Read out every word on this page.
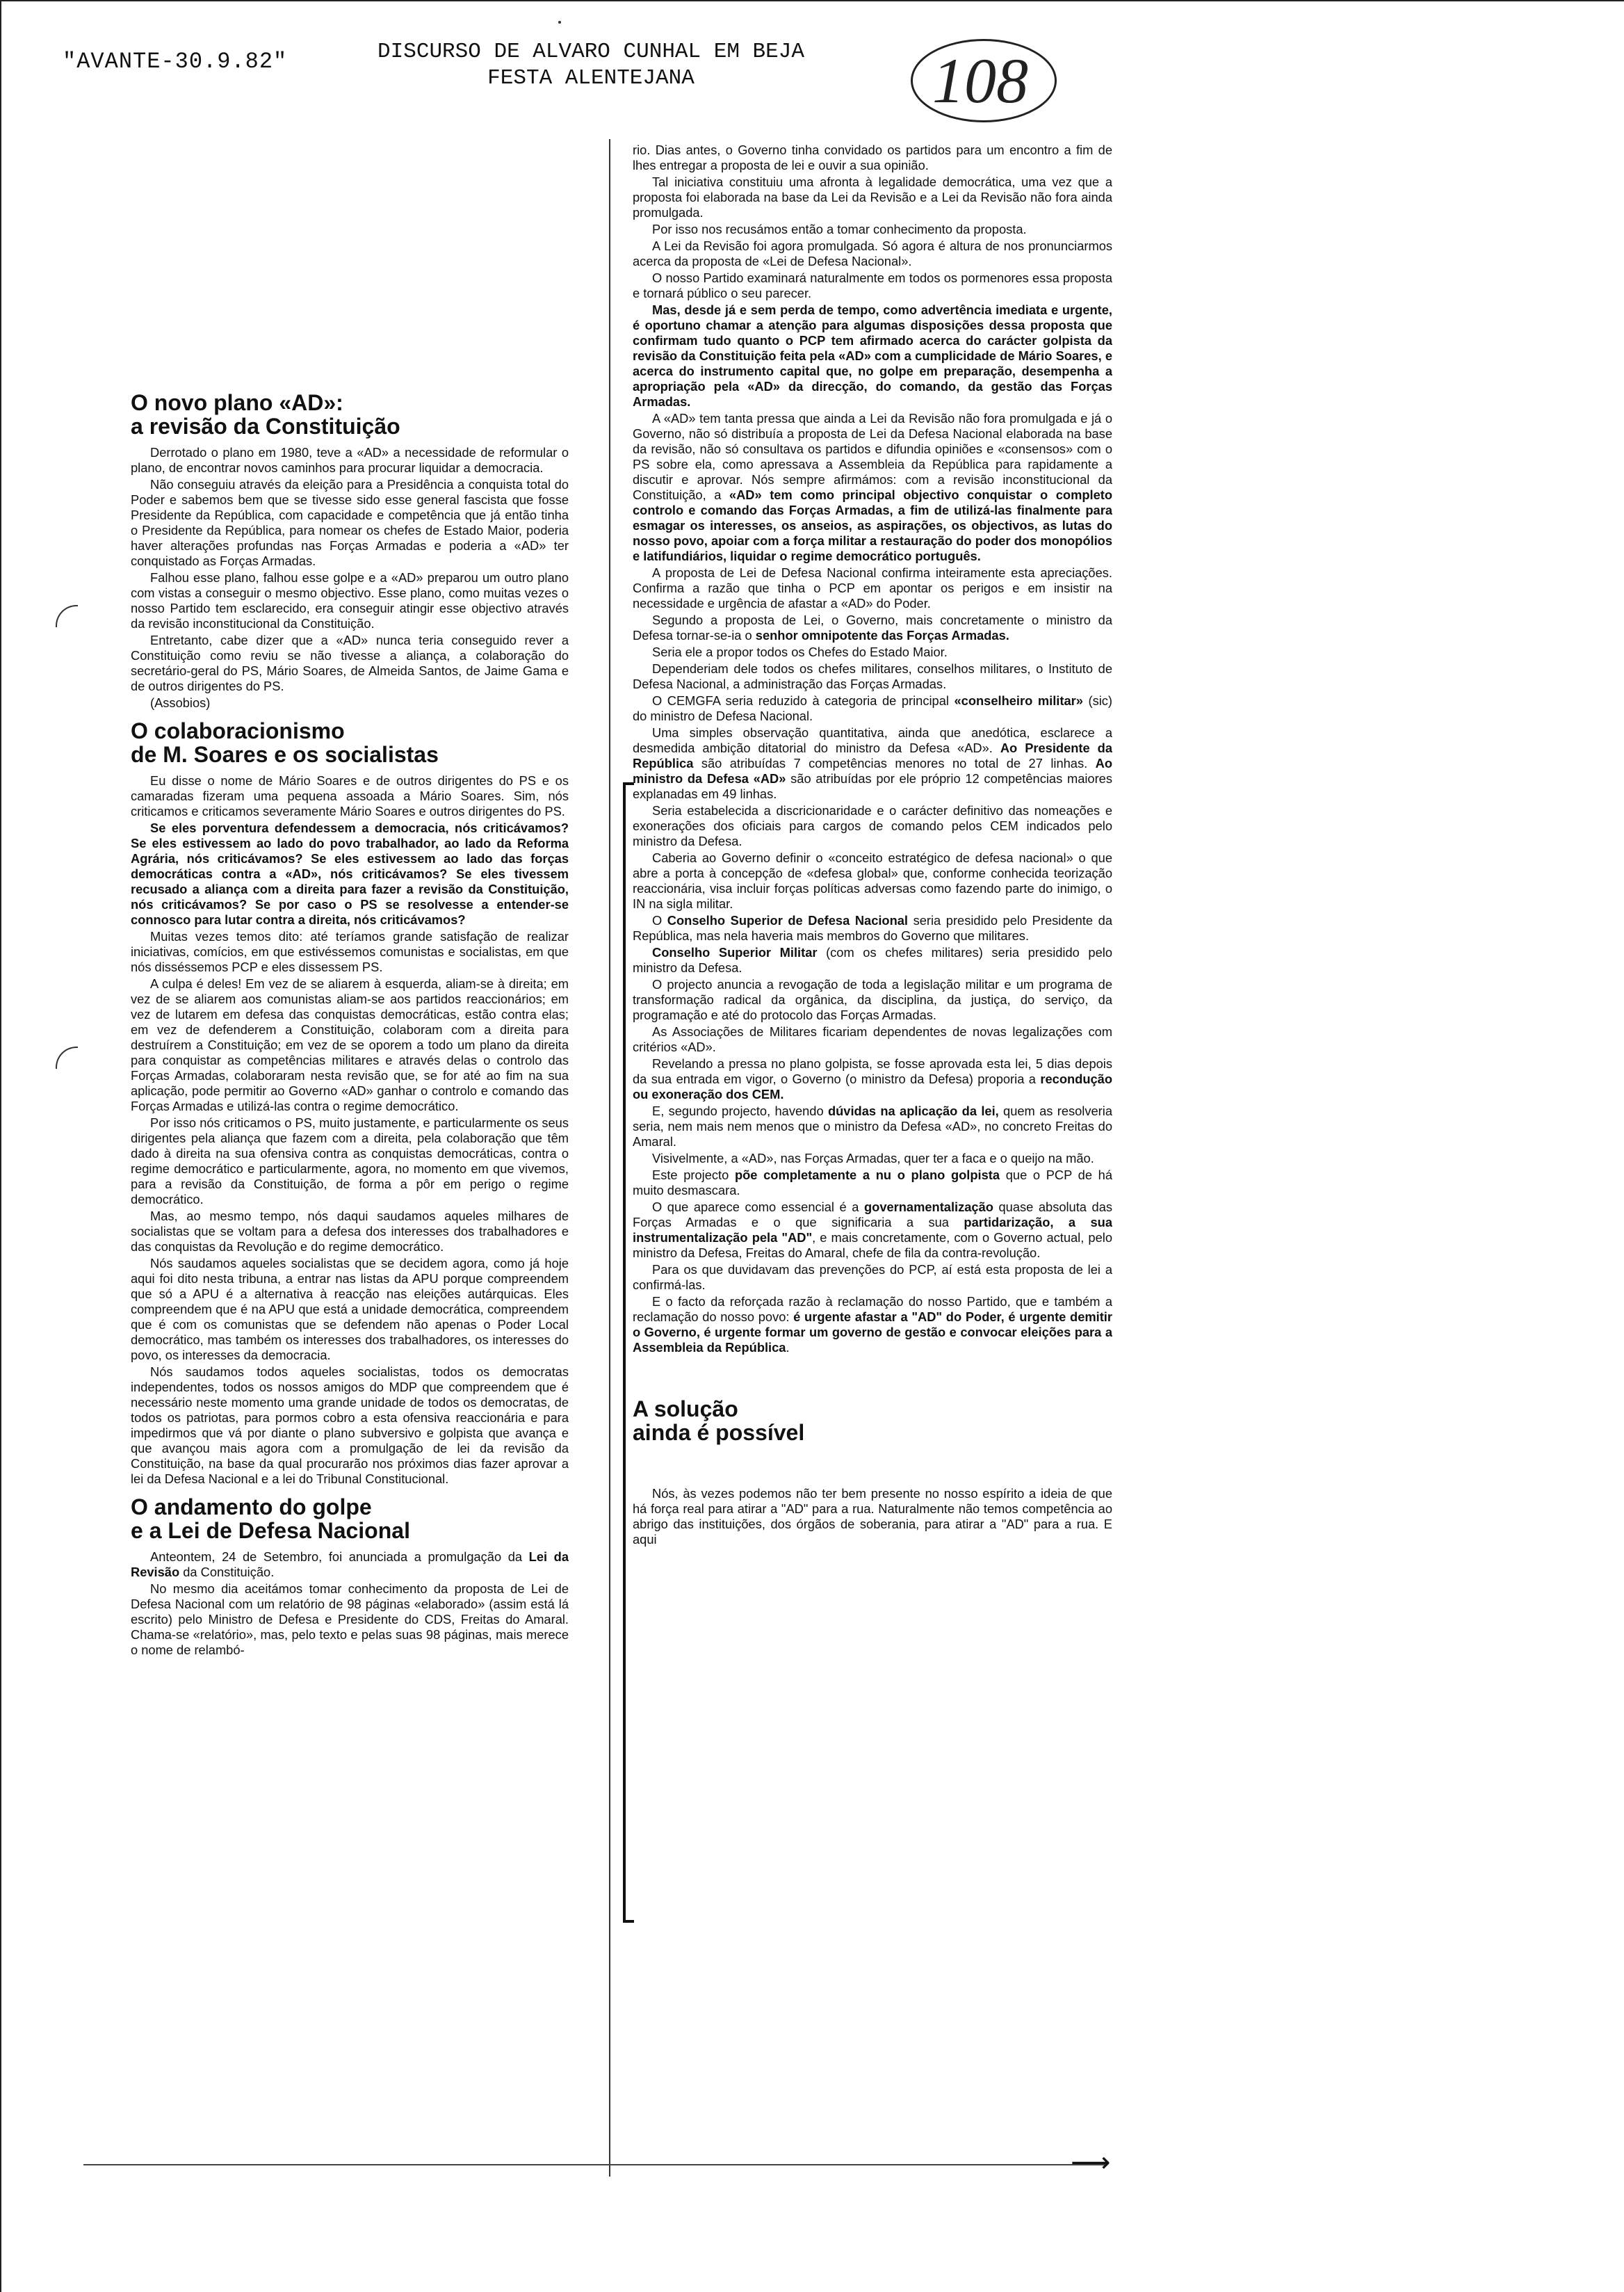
"AVANTE-30.9.82"	DISCURSO DE ALVARO CUNHAL EM BEJA
FESTA ALENTEJANA	108
O novo plano «AD»:
a revisão da Constituição

Derrotado o plano em 1980, teve a «AD» a necessidade de reformular o plano, de encontrar novos caminhos para procurar liquidar a democracia.

Não conseguiu através da eleição para a Presidência a conquista total do Poder e sabemos bem que se tivesse sido esse general fascista que fosse Presidente da República, com capacidade e competência que já então tinha o Presidente da República, para nomear os chefes de Estado Maior, poderia haver alterações profundas nas Forças Armadas e poderia a «AD» ter conquistado as Forças Armadas.

Falhou esse plano, falhou esse golpe e a «AD» preparou um outro plano com vistas a conseguir o mesmo objectivo. Esse plano, como muitas vezes o nosso Partido tem esclarecido, era conseguir atingir esse objectivo através da revisão inconstitucional da Constituição.

Entretanto, cabe dizer que a «AD» nunca teria conseguido rever a Constituição como reviu se não tivesse a aliança, a colaboração do secretário-geral do PS, Mário Soares, de Almeida Santos, de Jaime Gama e de outros dirigentes do PS.

(Assobios)

O colaboracionismo
de M. Soares e os socialistas

Eu disse o nome de Mário Soares e de outros dirigentes do PS e os camaradas fizeram uma pequena assoada a Mário Soares. Sim, nós criticamos e criticamos severamente Mário Soares e outros dirigentes do PS.

Se eles porventura defendessem a democracia, nós criticávamos? Se eles estivessem ao lado do povo trabalhador, ao lado da Reforma Agrária, nós criticávamos? Se eles estivessem ao lado das forças democráticas contra a «AD», nós criticávamos? Se eles tivessem recusado a aliança com a direita para fazer a revisão da Constituição, nós criticávamos? Se por caso o PS se resolvesse a entender-se connosco para lutar contra a direita, nós criticávamos?

Muitas vezes temos dito: até teríamos grande satisfação de realizar iniciativas, comícios, em que estivéssemos comunistas e socialistas, em que nós disséssemos PCP e eles dissessem PS.

A culpa é deles! Em vez de se aliarem à esquerda, aliam-se à direita; em vez de se aliarem aos comunistas aliam-se aos partidos reaccionários; em vez de lutarem em defesa das conquistas democráticas, estão contra elas; em vez de defenderem a Constituição, colaboram com a direita para destruírem a Constituição; em vez de se oporem a todo um plano da direita para conquistar as competências militares e através delas o controlo das Forças Armadas, colaboraram nesta revisão que, se for até ao fim na sua aplicação, pode permitir ao Governo «AD» ganhar o controlo e comando das Forças Armadas e utilizá-las contra o regime democrático.

Por isso nós criticamos o PS, muito justamente, e particularmente os seus dirigentes pela aliança que fazem com a direita, pela colaboração que têm dado à direita na sua ofensiva contra as conquistas democráticas, contra o regime democrático e particularmente, agora, no momento em que vivemos, para a revisão da Constituição, de forma a pôr em perigo o regime democrático.

Mas, ao mesmo tempo, nós daqui saudamos aqueles milhares de socialistas que se voltam para a defesa dos interesses dos trabalhadores e das conquistas da Revolução e do regime democrático.

Nós saudamos aqueles socialistas que se decidem agora, como já hoje aqui foi dito nesta tribuna, a entrar nas listas da APU porque compreendem que só a APU é a alternativa à reacção nas eleições autárquicas. Eles compreendem que é na APU que está a unidade democrática, compreendem que é com os comunistas que se defendem não apenas o Poder Local democrático, mas também os interesses dos trabalhadores, os interesses do povo, os interesses da democracia.

Nós saudamos todos aqueles socialistas, todos os democratas independentes, todos os nossos amigos do MDP que compreendem que é necessário neste momento uma grande unidade de todos os democratas, de todos os patriotas, para pormos cobro a esta ofensiva reaccionária e para impedirmos que vá por diante o plano subversivo e golpista que avança e que avançou mais agora com a promulgação de lei da revisão da Constituição, na base da qual procurarão nos próximos dias fazer aprovar a lei da Defesa Nacional e a lei do Tribunal Constitucional.

O andamento do golpe
e a Lei de Defesa Nacional

Anteontem, 24 de Setembro, foi anunciada a promulgação da Lei da Revisão da Constituição.

No mesmo dia aceitámos tomar conhecimento da proposta de Lei de Defesa Nacional com um relatório de 98 páginas «elaborado» (assim está lá escrito) pelo Ministro de Defesa e Presidente do CDS, Freitas do Amaral. Chama-se «relatório», mas, pelo texto e pelas suas 98 páginas, mais merece o nome de relambó-

rio. Dias antes, o Governo tinha convidado os partidos para um encontro a fim de lhes entregar a proposta de lei e ouvir a sua opinião.

Tal iniciativa constituiu uma afronta à legalidade democrática, uma vez que a proposta foi elaborada na base da Lei da Revisão e a Lei da Revisão não fora ainda promulgada.

Por isso nos recusámos então a tomar conhecimento da proposta.

A Lei da Revisão foi agora promulgada. Só agora é altura de nos pronunciarmos acerca da proposta de «Lei de Defesa Nacional».

O nosso Partido examinará naturalmente em todos os pormenores essa proposta e tornará público o seu parecer.

Mas, desde já e sem perda de tempo, como advertência imediata e urgente, é oportuno chamar a atenção para algumas disposições dessa proposta que confirmam tudo quanto o PCP tem afirmado acerca do carácter golpista da revisão da Constituição feita pela «AD» com a cumplicidade de Mário Soares, e acerca do instrumento capital que, no golpe em preparação, desempenha a apropriação pela «AD» da direcção, do comando, da gestão das Forças Armadas.

A «AD» tem tanta pressa que ainda a Lei da Revisão não fora promulgada e já o Governo, não só distribuía a proposta de Lei da Defesa Nacional elaborada na base da revisão, não só consultava os partidos e difundia opiniões e «consensos» com o PS sobre ela, como apressava a Assembleia da República para rapidamente a discutir e aprovar. Nós sempre afirmámos: com a revisão inconstitucional da Constituição, a «AD» tem como principal objectivo conquistar o completo controlo e comando das Forças Armadas, a fim de utilizá-las finalmente para esmagar os interesses, os anseios, as aspirações, os objectivos, as lutas do nosso povo, apoiar com a força militar a restauração do poder dos monopólios e latifundiários, liquidar o regime democrático português.

A proposta de Lei de Defesa Nacional confirma inteiramente esta apreciações. Confirma a razão que tinha o PCP em apontar os perigos e em insistir na necessidade e urgência de afastar a «AD» do Poder.

Segundo a proposta de Lei, o Governo, mais concretamente o ministro da Defesa tornar-se-ia o senhor omnipotente das Forças Armadas.

Seria ele a propor todos os Chefes do Estado Maior.

Dependeriam dele todos os chefes militares, conselhos militares, o Instituto de Defesa Nacional, a administração das Forças Armadas.

O CEMGFA seria reduzido à categoria de principal «conselheiro militar» (sic) do ministro de Defesa Nacional.

Uma simples observação quantitativa, ainda que anedótica, esclarece a desmedida ambição ditatorial do ministro da Defesa «AD». Ao Presidente da República são atribuídas 7 competências menores no total de 27 linhas. Ao ministro da Defesa «AD» são atribuídas por ele próprio 12 competências maiores explanadas em 49 linhas.

Seria estabelecida a discricionaridade e o carácter definitivo das nomeações e exonerações dos oficiais para cargos de comando pelos CEM indicados pelo ministro da Defesa.

Caberia ao Governo definir o «conceito estratégico de defesa nacional» o que abre a porta à concepção de «defesa global» que, conforme conhecida teorização reaccionária, visa incluir forças políticas adversas como fazendo parte do inimigo, o IN na sigla militar.

O Conselho Superior de Defesa Nacional seria presidido pelo Presidente da República, mas nela haveria mais membros do Governo que militares.

Conselho Superior Militar (com os chefes militares) seria presidido pelo ministro da Defesa.

O projecto anuncia a revogação de toda a legislação militar e um programa de transformação radical da orgânica, da disciplina, da justiça, do serviço, da programação e até do protocolo das Forças Armadas.

As Associações de Militares ficariam dependentes de novas legalizações com critérios «AD».

Revelando a pressa no plano golpista, se fosse aprovada esta lei, 5 dias depois da sua entrada em vigor, o Governo (o ministro da Defesa) proporia a recondução ou exoneração dos CEM.

E, segundo projecto, havendo dúvidas na aplicação da lei, quem as resolveria seria, nem mais nem menos que o ministro da Defesa «AD», no concreto Freitas do Amaral.

Visivelmente, a «AD», nas Forças Armadas, quer ter a faca e o queijo na mão.

Este projecto põe completamente a nu o plano golpista que o PCP de há muito desmascara.

O que aparece como essencial é a governamentalização quase absoluta das Forças Armadas e o que significaria a sua partidarização, a sua instrumentalização pela "AD", e mais concretamente, com o Governo actual, pelo ministro da Defesa, Freitas do Amaral, chefe de fila da contra-revolução.

Para os que duvidavam das prevenções do PCP, aí está esta proposta de lei a confirmá-las.

E o facto da reforçada razão à reclamação do nosso Partido, que e também a reclamação do nosso povo: é urgente afastar a "AD" do Poder, é urgente demitir o Governo, é urgente formar um governo de gestão e convocar eleições para a Assembleia da República.

A solução
ainda é possível

Nós, às vezes podemos não ter bem presente no nosso espírito a ideia de que há força real para atirar a "AD" para a rua. Naturalmente não temos competência ao abrigo das instituições, dos órgãos de soberania, para atirar a "AD" para a rua. E aqui

⟶
